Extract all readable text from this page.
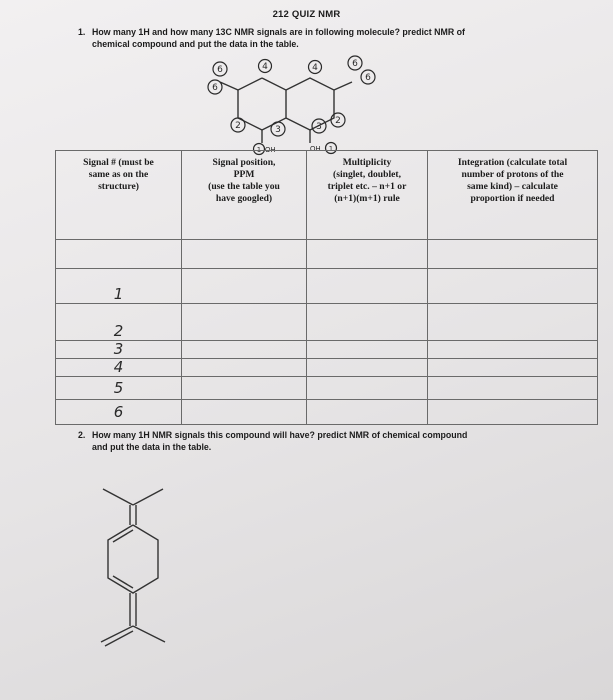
212 QUIZ NMR
1. How many 1H and how many 13C NMR signals are in following molecule? predict NMR of
chemical compound and put the data in the table.
6	4	4	6
6
6
2	3	3
2
1	1
OH	OH
Signal # (must be
same as on the
structure)	Signal position,
PPM
(use the table you
have googled)	Multiplicity
(singlet, doublet,
triplet etc. – n+1 or
(n+1)(m+1) rule	Integration (calculate total
number of protons of the
same kind) – calculate
proportion if needed

1			
2			
3			
4			
5			
6			
2. How many 1H NMR signals this compound will have? predict NMR of chemical compound
and put the data in the table.
